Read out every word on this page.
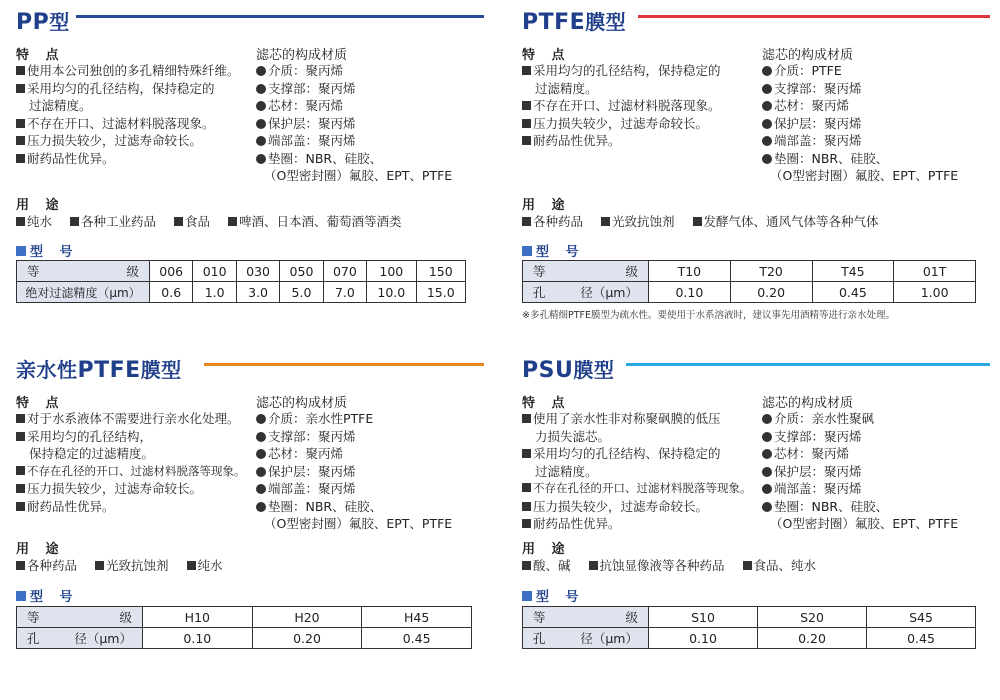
PP型
特 点
使用本公司独创的多孔精细特殊纤维。
采用均匀的孔径结构，保持稳定的
过滤精度。
不存在开口、过滤材料脱落现象。
压力损失较少，过滤寿命较长。
耐药品性优异。
滤芯的构成材质
介质：聚丙烯
支撑部：聚丙烯
芯材：聚丙烯
保护层：聚丙烯
端部盖：聚丙烯
垫圈：NBR、硅胶、
（O型密封圈）氟胶、EPT、PTFE
用 途
纯水 各种工业药品 食品 啤酒、日本酒、葡萄酒等酒类
型 号
等 级	006	010	030	050	070	100	150
绝对过滤精度（µm）	0.6	1.0	3.0	5.0	7.0	10.0	15.0
PTFE膜型
特 点
采用均匀的孔径结构，保持稳定的
过滤精度。
不存在开口、过滤材料脱落现象。
压力损失较少，过滤寿命较长。
耐药品性优异。
滤芯的构成材质
介质：PTFE
支撑部：聚丙烯
芯材：聚丙烯
保护层：聚丙烯
端部盖：聚丙烯
垫圈：NBR、硅胶、
（O型密封圈）氟胶、EPT、PTFE
用 途
各种药品 光致抗蚀剂 发酵气体、通风气体等各种气体
型 号
等 级	T10	T20	T45	01T

孔 径（µm）	0.10	0.20	0.45	1.00
※多孔精细PTFE膜型为疏水性。要使用于水系溶液时，建议事先用酒精等进行亲水处理。
亲水性PTFE膜型
特 点
对于水系液体不需要进行亲水化处理。
采用均匀的孔径结构，
保持稳定的过滤精度。
不存在孔径的开口、过滤材料脱落等现象。
压力损失较少，过滤寿命较长。
耐药品性优异。
滤芯的构成材质
介质：亲水性PTFE
支撑部：聚丙烯
芯材：聚丙烯
保护层：聚丙烯
端部盖：聚丙烯
垫圈：NBR、硅胶、
（O型密封圈）氟胶、EPT、PTFE
用 途
各种药品 光致抗蚀剂 纯水
型 号
等 级	H10	H20	H45

孔 径（µm）	0.10	0.20	0.45
PSU膜型
特 点
使用了亲水性非对称聚砜膜的低压
力损失滤芯。
采用均匀的孔径结构、保持稳定的
过滤精度。
不存在孔径的开口、过滤材料脱落等现象。
压力损失较少，过滤寿命较长。
耐药品性优异。
滤芯的构成材质
介质：亲水性聚砜
支撑部：聚丙烯
芯材：聚丙烯
保护层：聚丙烯
端部盖：聚丙烯
垫圈：NBR、硅胶、
（O型密封圈）氟胶、EPT、PTFE
用 途
酸、碱 抗蚀显像液等各种药品 食品、纯水
型 号
等 级	S10	S20	S45

孔 径（µm）	0.10	0.20	0.45
